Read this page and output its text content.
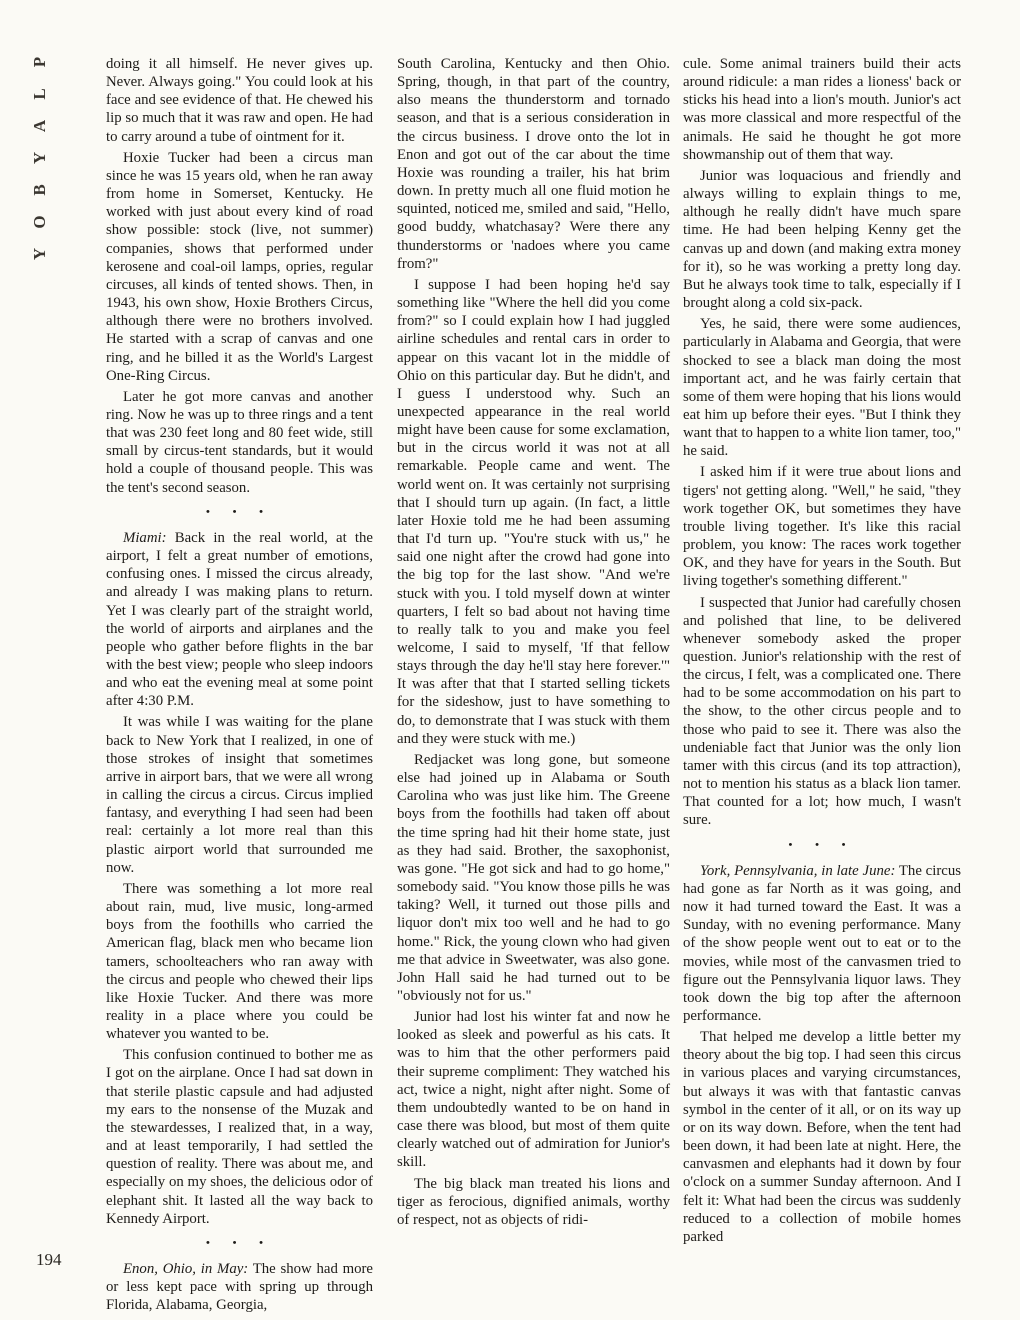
P
L
A
Y
B
O
Y

doing it all himself. He never gives up. Never. Always going." You could look at his face and see evidence of that. He chewed his lip so much that it was raw and open. He had to carry around a tube of ointment for it.

Hoxie Tucker had been a circus man since he was 15 years old, when he ran away from home in Somerset, Kentucky. He worked with just about every kind of road show possible: stock (live, not summer) companies, shows that performed under kerosene and coal-oil lamps, opries, regular circuses, all kinds of tented shows. Then, in 1943, his own show, Hoxie Brothers Circus, although there were no brothers involved. He started with a scrap of canvas and one ring, and he billed it as the World's Largest One-Ring Circus.

Later he got more canvas and another ring. Now he was up to three rings and a tent that was 230 feet long and 80 feet wide, still small by circus-tent standards, but it would hold a couple of thousand people. This was the tent's second season.

• • •

Miami: Back in the real world, at the airport, I felt a great number of emotions, confusing ones. I missed the circus already, and already I was making plans to return. Yet I was clearly part of the straight world, the world of airports and airplanes and the people who gather before flights in the bar with the best view; people who sleep indoors and who eat the evening meal at some point after 4:30 P.M.

It was while I was waiting for the plane back to New York that I realized, in one of those strokes of insight that sometimes arrive in airport bars, that we were all wrong in calling the circus a circus. Circus implied fantasy, and everything I had seen had been real: certainly a lot more real than this plastic airport world that surrounded me now.

There was something a lot more real about rain, mud, live music, long-armed boys from the foothills who carried the American flag, black men who became lion tamers, schoolteachers who ran away with the circus and people who chewed their lips like Hoxie Tucker. And there was more reality in a place where you could be whatever you wanted to be.

This confusion continued to bother me as I got on the airplane. Once I had sat down in that sterile plastic capsule and had adjusted my ears to the nonsense of the Muzak and the stewardesses, I realized that, in a way, and at least temporarily, I had settled the question of reality. There was about me, and especially on my shoes, the delicious odor of elephant shit. It lasted all the way back to Kennedy Airport.

• • •

Enon, Ohio, in May: The show had more or less kept pace with spring up through Florida, Alabama, Georgia,

South Carolina, Kentucky and then Ohio. Spring, though, in that part of the country, also means the thunderstorm and tornado season, and that is a serious consideration in the circus business. I drove onto the lot in Enon and got out of the car about the time Hoxie was rounding a trailer, his hat brim down. In pretty much all one fluid motion he squinted, noticed me, smiled and said, "Hello, good buddy, whatchasay? Were there any thunderstorms or 'nadoes where you came from?"

I suppose I had been hoping he'd say something like "Where the hell did you come from?" so I could explain how I had juggled airline schedules and rental cars in order to appear on this vacant lot in the middle of Ohio on this particular day. But he didn't, and I guess I understood why. Such an unexpected appearance in the real world might have been cause for some exclamation, but in the circus world it was not at all remarkable. People came and went. The world went on. It was certainly not surprising that I should turn up again. (In fact, a little later Hoxie told me he had been assuming that I'd turn up. "You're stuck with us," he said one night after the crowd had gone into the big top for the last show. "And we're stuck with you. I told myself down at winter quarters, I felt so bad about not having time to really talk to you and make you feel welcome, I said to myself, 'If that fellow stays through the day he'll stay here forever.'" It was after that that I started selling tickets for the sideshow, just to have something to do, to demonstrate that I was stuck with them and they were stuck with me.)

Redjacket was long gone, but someone else had joined up in Alabama or South Carolina who was just like him. The Greene boys from the foothills had taken off about the time spring had hit their home state, just as they had said. Brother, the saxophonist, was gone. "He got sick and had to go home," somebody said. "You know those pills he was taking? Well, it turned out those pills and liquor don't mix too well and he had to go home." Rick, the young clown who had given me that advice in Sweetwater, was also gone. John Hall said he had turned out to be "obviously not for us."

Junior had lost his winter fat and now he looked as sleek and powerful as his cats. It was to him that the other performers paid their supreme compliment: They watched his act, twice a night, night after night. Some of them undoubtedly wanted to be on hand in case there was blood, but most of them quite clearly watched out of admiration for Junior's skill.

The big black man treated his lions and tiger as ferocious, dignified animals, worthy of respect, not as objects of ridi-

cule. Some animal trainers build their acts around ridicule: a man rides a lioness' back or sticks his head into a lion's mouth. Junior's act was more classical and more respectful of the animals. He said he thought he got more showmanship out of them that way.

Junior was loquacious and friendly and always willing to explain things to me, although he really didn't have much spare time. He had been helping Kenny get the canvas up and down (and making extra money for it), so he was working a pretty long day. But he always took time to talk, especially if I brought along a cold six-pack.

Yes, he said, there were some audiences, particularly in Alabama and Georgia, that were shocked to see a black man doing the most important act, and he was fairly certain that some of them were hoping that his lions would eat him up before their eyes. "But I think they want that to happen to a white lion tamer, too," he said.

I asked him if it were true about lions and tigers' not getting along. "Well," he said, "they work together OK, but sometimes they have trouble living together. It's like this racial problem, you know: The races work together OK, and they have for years in the South. But living together's something different."

I suspected that Junior had carefully chosen and polished that line, to be delivered whenever somebody asked the proper question. Junior's relationship with the rest of the circus, I felt, was a complicated one. There had to be some accommodation on his part to the show, to the other circus people and to those who paid to see it. There was also the undeniable fact that Junior was the only lion tamer with this circus (and its top attraction), not to mention his status as a black lion tamer. That counted for a lot; how much, I wasn't sure.

• • •

York, Pennsylvania, in late June: The circus had gone as far North as it was going, and now it had turned toward the East. It was a Sunday, with no evening performance. Many of the show people went out to eat or to the movies, while most of the canvasmen tried to figure out the Pennsylvania liquor laws. They took down the big top after the afternoon performance.

That helped me develop a little better my theory about the big top. I had seen this circus in various places and varying circumstances, but always it was with that fantastic canvas symbol in the center of it all, or on its way up or on its way down. Before, when the tent had been down, it had been late at night. Here, the canvasmen and elephants had it down by four o'clock on a summer Sunday afternoon. And I felt it: What had been the circus was suddenly reduced to a collection of mobile homes parked

194
